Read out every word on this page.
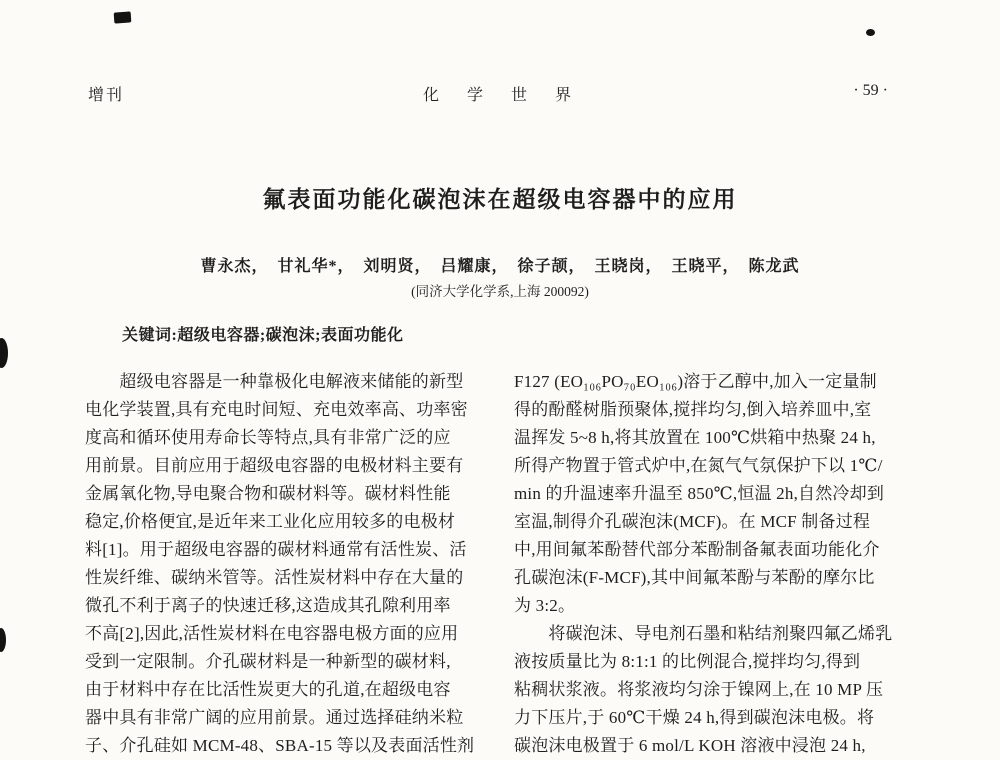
增刊	化　学　世　界	· 59 ·
氟表面功能化碳泡沫在超级电容器中的应用
曹永杰，　甘礼华*，　刘明贤，　吕耀康，　徐子颉，　王晓岗，　王晓平，　陈龙武
(同济大学化学系,上海 200092)
关键词:超级电容器;碳泡沫;表面功能化
　　超级电容器是一种靠极化电解液来储能的新型
电化学装置,具有充电时间短、充电效率高、功率密
度高和循环使用寿命长等特点,具有非常广泛的应
用前景。目前应用于超级电容器的电极材料主要有
金属氧化物,导电聚合物和碳材料等。碳材料性能
稳定,价格便宜,是近年来工业化应用较多的电极材
料[1]。用于超级电容器的碳材料通常有活性炭、活
性炭纤维、碳纳米管等。活性炭材料中存在大量的
微孔不利于离子的快速迁移,这造成其孔隙利用率
不高[2],因此,活性炭材料在电容器电极方面的应用
受到一定限制。介孔碳材料是一种新型的碳材料,
由于材料中存在比活性炭更大的孔道,在超级电容
器中具有非常广阔的应用前景。通过选择硅纳米粒
子、介孔硅如 MCM-48、SBA-15 等以及表面活性剂
F127 (EO₁₀₆PO₇₀EO₁₀₆)溶于乙醇中,加入一定量制
得的酚醛树脂预聚体,搅拌均匀,倒入培养皿中,室
温挥发 5~8 h,将其放置在 100℃烘箱中热聚 24 h,
所得产物置于管式炉中,在氮气气氛保护下以 1℃/
min 的升温速率升温至 850℃,恒温 2h,自然冷却到
室温,制得介孔碳泡沫(MCF)。在 MCF 制备过程
中,用间氟苯酚替代部分苯酚制备氟表面功能化介
孔碳泡沫(F-MCF),其中间氟苯酚与苯酚的摩尔比
为 3:2。
　　将碳泡沫、导电剂石墨和粘结剂聚四氟乙烯乳
液按质量比为 8:1:1 的比例混合,搅拌均匀,得到
粘稠状浆液。将浆液均匀涂于镍网上,在 10 MP 压
力下压片,于 60℃干燥 24 h,得到碳泡沫电极。将
碳泡沫电极置于 6 mol/L KOH 溶液中浸泡 24 h,
